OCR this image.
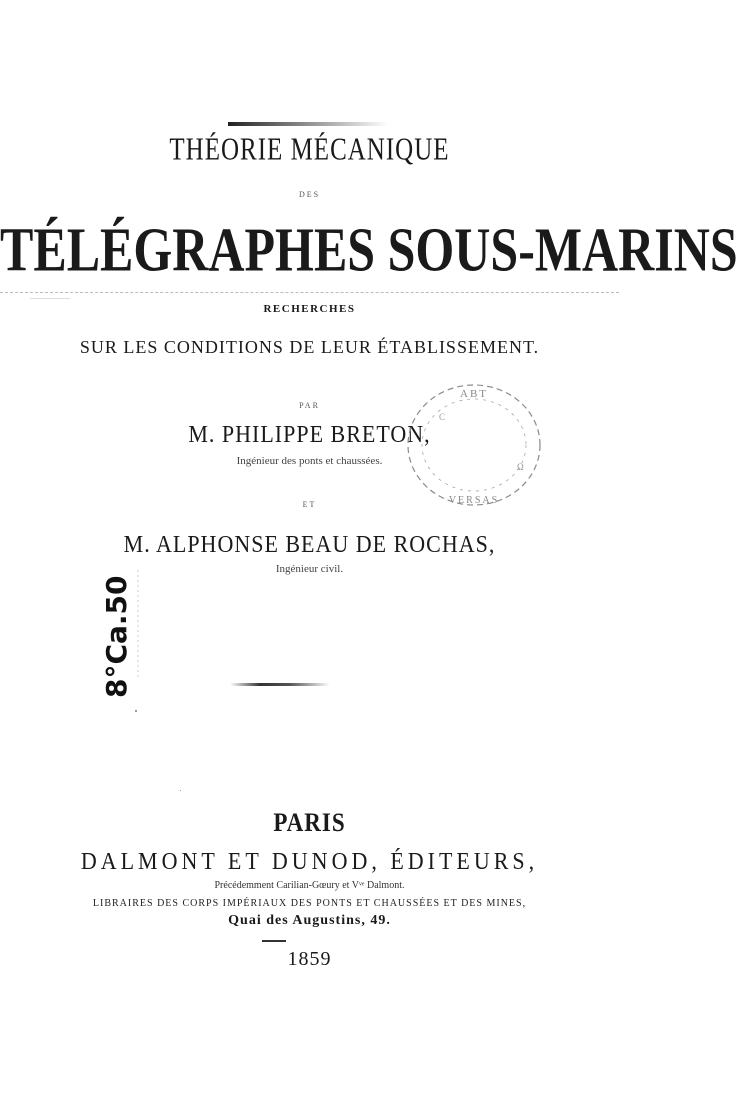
THÉORIE MÉCANIQUE
DES
TÉLÉGRAPHES SOUS-MARINS
RECHERCHES
SUR LES CONDITIONS DE LEUR ÉTABLISSEMENT.
PAR
M. PHILIPPE BRETON,
Ingénieur des ponts et chaussées.
ET
M. ALPHONSE BEAU DE ROCHAS,
Ingénieur civil.
ABT
VERSAS
C
Ω
8°Ca.50
PARIS
DALMONT ET DUNOD, ÉDITEURS,
Précédemment Carilian-Gœury et Vᵛᵉ Dalmont.
LIBRAIRES DES CORPS IMPÉRIAUX DES PONTS ET CHAUSSÉES ET DES MINES,
Quai des Augustins, 49.
1859
